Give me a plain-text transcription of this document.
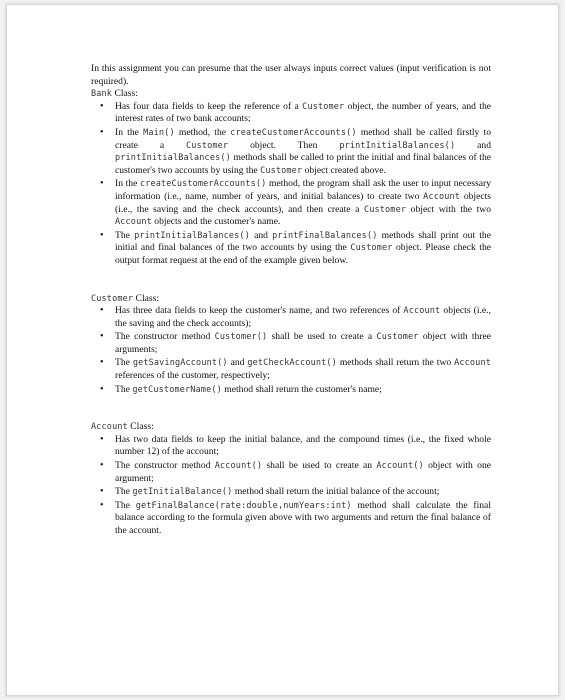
In this assignment you can presume that the user always inputs correct values (input verification is not required).

Bank Class:

• Has four data fields to keep the reference of a Customer object, the number of years, and the interest rates of two bank accounts;
• In the Main() method, the createCustomerAccounts() method shall be called firstly to create a Customer object. Then printInitialBalances() and printInitialBalances() methods shall be called to print the initial and final balances of the customer's two accounts by using the Customer object created above.
• In the createCustomerAccounts() method, the program shall ask the user to input necessary information (i.e., name, number of years, and initial balances) to create two Account objects (i.e., the saving and the check accounts), and then create a Customer object with the two Account objects and the customer's name.
• The printInitialBalances() and printFinalBalances() methods shall print out the initial and final balances of the two accounts by using the Customer object. Please check the output format request at the end of the example given below.

Customer Class:

• Has three data fields to keep the customer's name, and two references of Account objects (i.e., the saving and the check accounts);
• The constructor method Customer() shall be used to create a Customer object with three arguments;
• The getSavingAccount() and getCheckAccount() methods shall return the two Account references of the customer, respectively;
• The getCustomerName() method shall return the customer's name;

Account Class:

• Has two data fields to keep the initial balance, and the compound times (i.e., the fixed whole number 12) of the account;
• The constructor method Account() shall be used to create an Account() object with one argument;
• The getInitialBalance() method shall return the initial balance of the account;
• The getFinalBalance(rate:double,numYears:int) method shall calculate the final balance according to the formula given above with two arguments and return the final balance of the account.
